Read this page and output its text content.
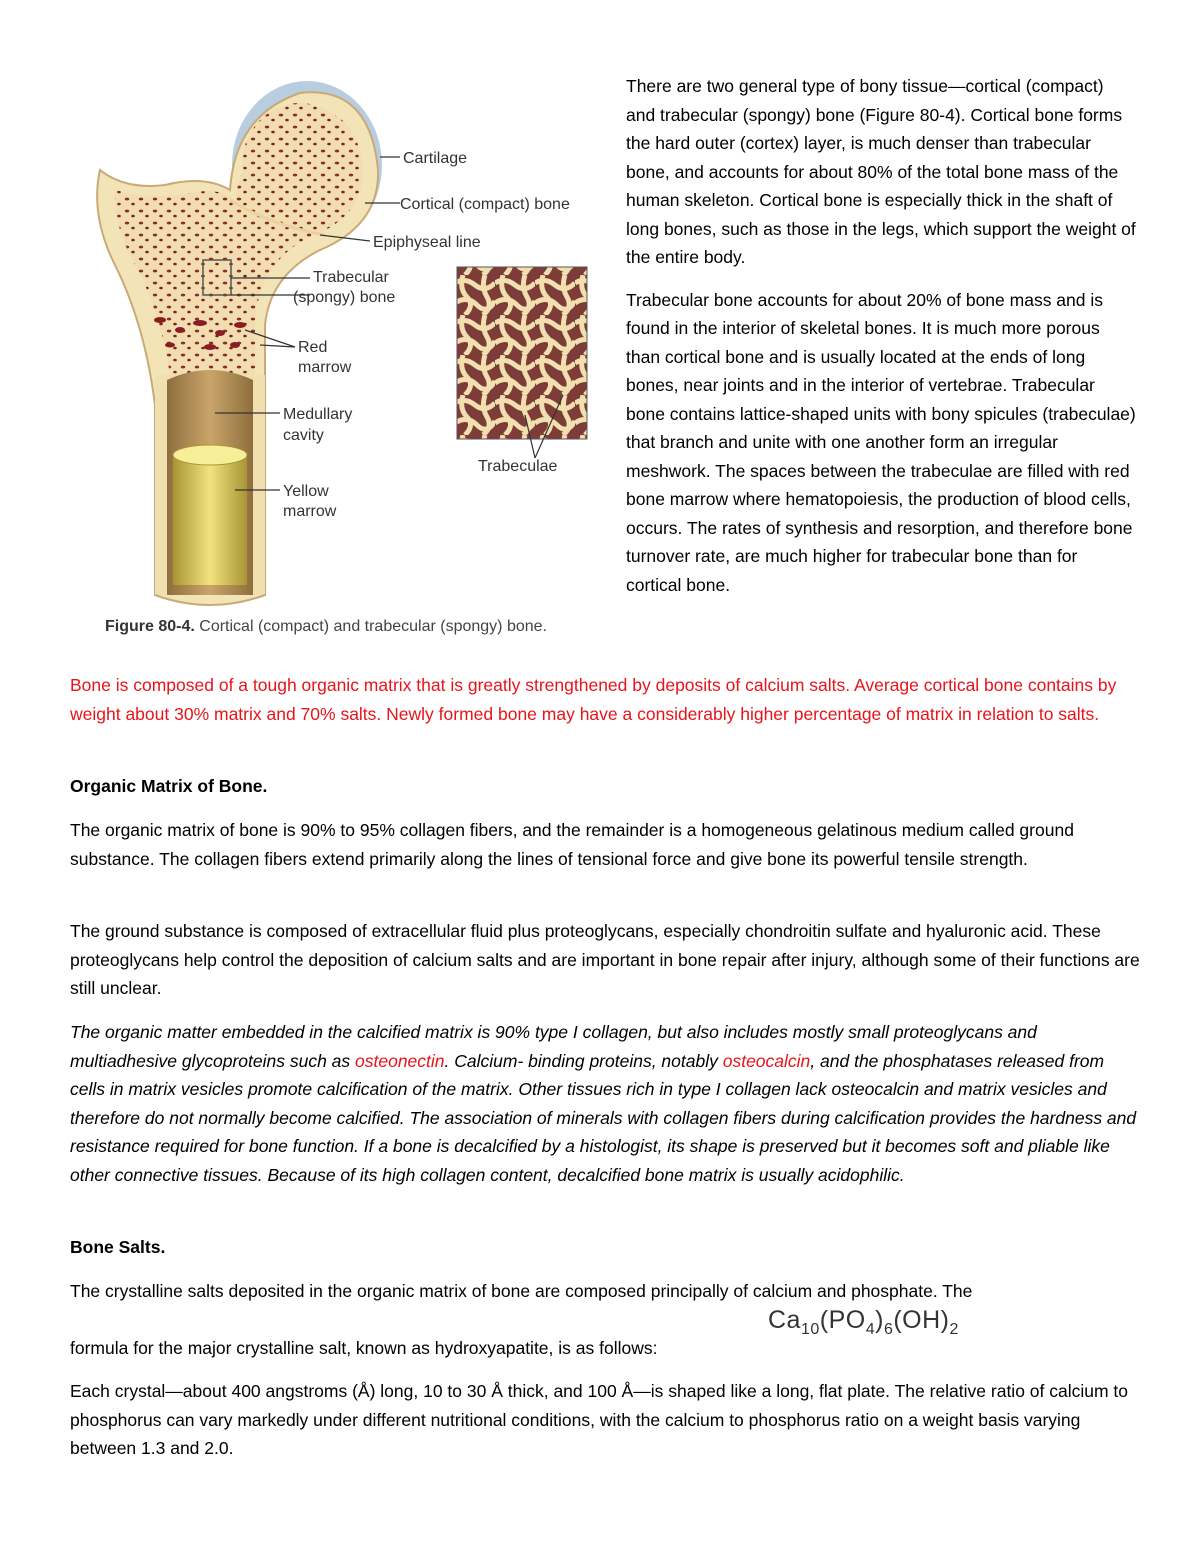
Cartilage
Cortical (compact) bone
Epiphyseal line
Trabecular
(spongy) bone
Red
marrow
Medullary
cavity
Yellow
marrow
Trabeculae
Figure 80-4. Cortical (compact) and trabecular (spongy) bone.

There are two general type of bony tissue—cortical (compact) and trabecular (spongy) bone (Figure 80-4). Cortical bone forms the hard outer (cortex) layer, is much denser than trabecular bone, and accounts for about 80% of the total bone mass of the human skeleton. Cortical bone is especially thick in the shaft of long bones, such as those in the legs, which support the weight of the entire body.

Trabecular bone accounts for about 20% of bone mass and is found in the interior of skeletal bones. It is much more porous than cortical bone and is usually located at the ends of long bones, near joints and in the interior of vertebrae. Trabecular bone contains lattice-shaped units with bony spicules (trabeculae) that branch and unite with one another form an irregular meshwork. The spaces between the trabeculae are filled with red bone marrow where hematopoiesis, the production of blood cells, occurs. The rates of synthesis and resorption, and therefore bone turnover rate, are much higher for trabecular bone than for cortical bone.

Bone is composed of a tough organic matrix that is greatly strengthened by deposits of calcium salts. Average cortical bone contains by weight about 30% matrix and 70% salts. Newly formed bone may have a considerably higher percentage of matrix in relation to salts.

Organic Matrix of Bone.

The organic matrix of bone is 90% to 95% collagen fibers, and the remainder is a homogeneous gelatinous medium called ground substance. The collagen fibers extend primarily along the lines of tensional force and give bone its powerful tensile strength.

The ground substance is composed of extracellular fluid plus proteoglycans, especially chondroitin sulfate and hyaluronic acid. These proteoglycans help control the deposition of calcium salts and are important in bone repair after injury, although some of their functions are still unclear.

The organic matter embedded in the calcified matrix is 90% type I collagen, but also includes mostly small proteoglycans and multiadhesive glycoproteins such as osteonectin. Calcium- binding proteins, notably osteocalcin, and the phosphatases released from cells in matrix vesicles promote calcification of the matrix. Other tissues rich in type I collagen lack osteocalcin and matrix vesicles and therefore do not normally become calcified. The association of minerals with collagen fibers during calcification provides the hardness and resistance required for bone function. If a bone is decalcified by a histologist, its shape is preserved but it becomes soft and pliable like other connective tissues. Because of its high collagen content, decalcified bone matrix is usually acidophilic.

Bone Salts.

The crystalline salts deposited in the organic matrix of bone are composed principally of calcium and phosphate. The

$Ca_{10}(PO_4)_6(OH)_2$

formula for the major crystalline salt, known as hydroxyapatite, is as follows:

Each crystal—about 400 angstroms (Å) long, 10 to 30 Å thick, and 100 Å—is shaped like a long, flat plate. The relative ratio of calcium to phosphorus can vary markedly under different nutritional conditions, with the calcium to phosphorus ratio on a weight basis varying between 1.3 and 2.0.
